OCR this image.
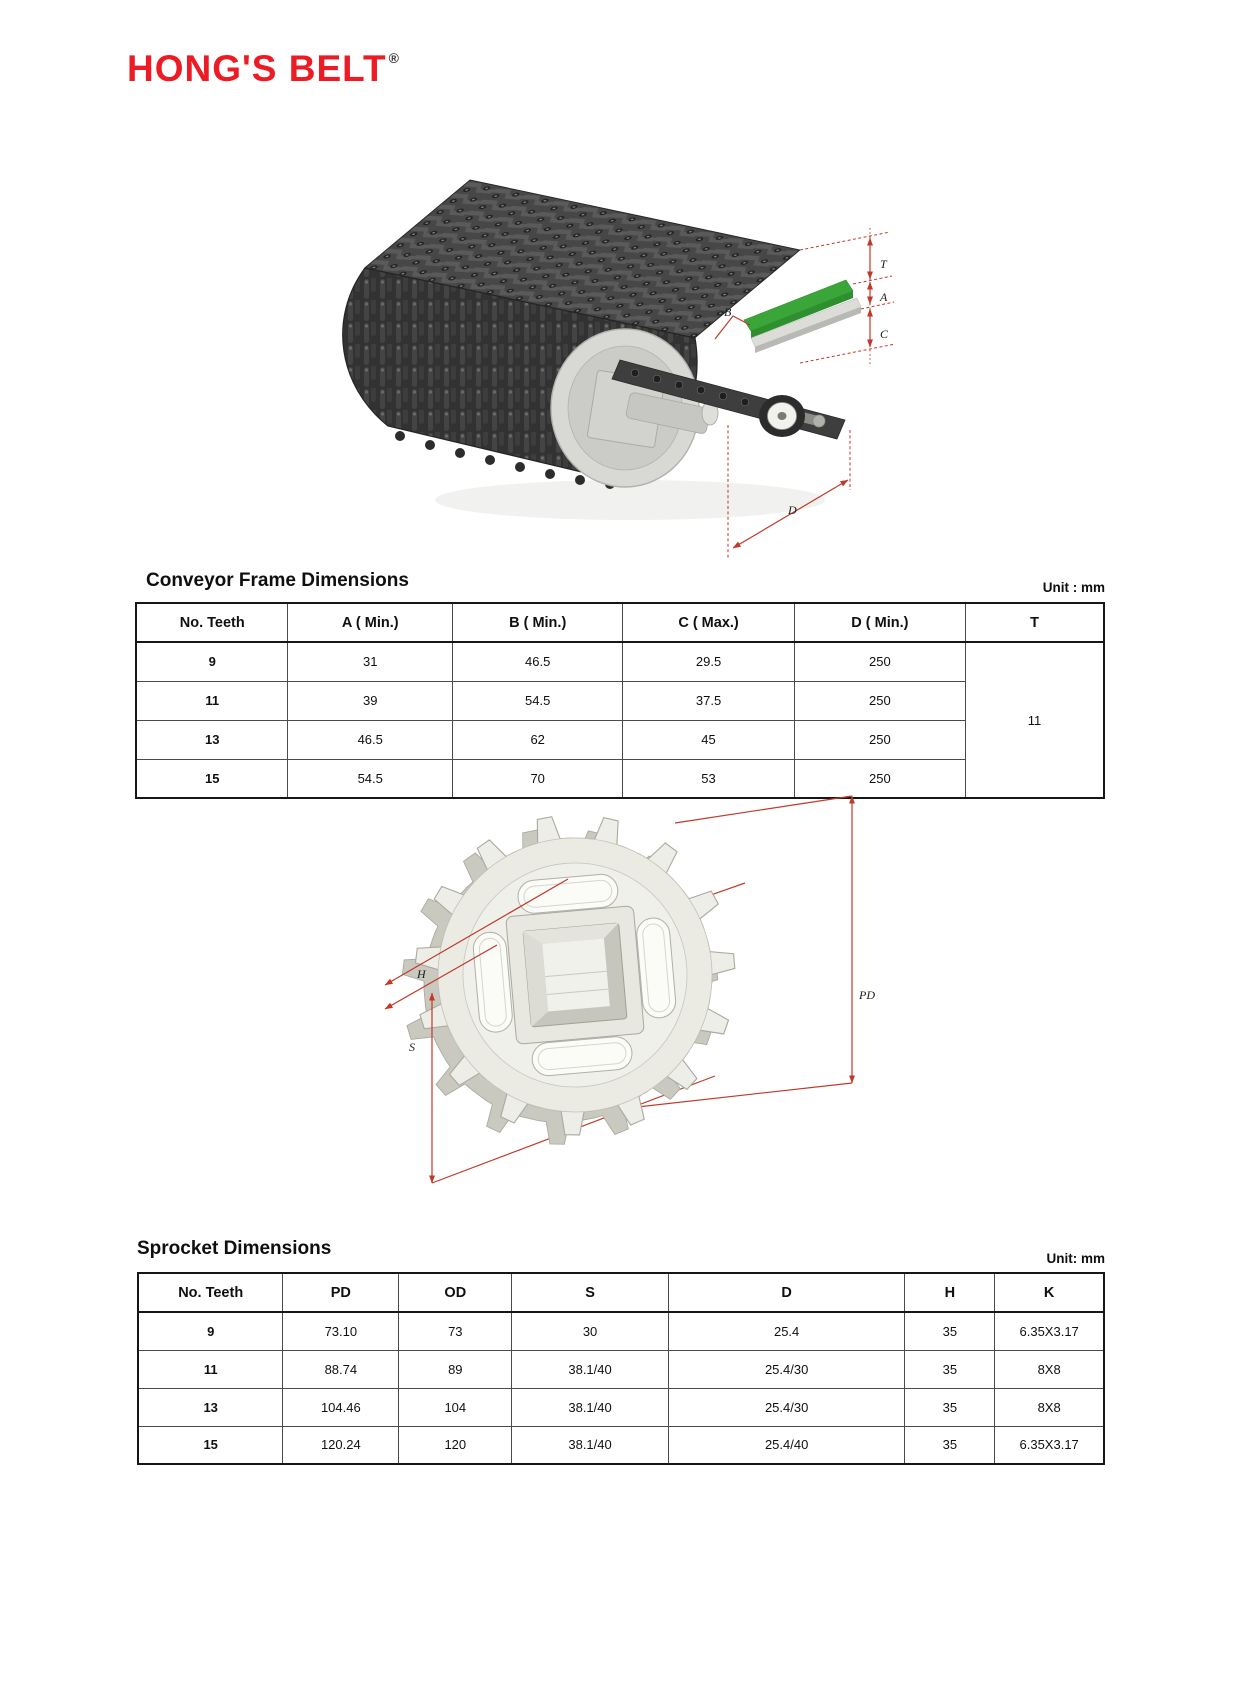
HONG'S BELT ®
T
A
B
C
D
Conveyor Frame Dimensions	Unit : mm
No. Teeth	A ( Min.)	B ( Min.)	C ( Max.)	D ( Min.)	T
9	31	46.5	29.5	250	11
11	39	54.5	37.5	250	
13	46.5	62	45	250	
15	54.5	70	53	250	
PD
H
S
Sprocket Dimensions	Unit: mm
No. Teeth	PD	OD	S	D	H	K
9	73.10	73	30	25.4	35	6.35X3.17
11	88.74	89	38.1/40	25.4/30	35	8X8
13	104.46	104	38.1/40	25.4/30	35	8X8
15	120.24	120	38.1/40	25.4/40	35	6.35X3.17
